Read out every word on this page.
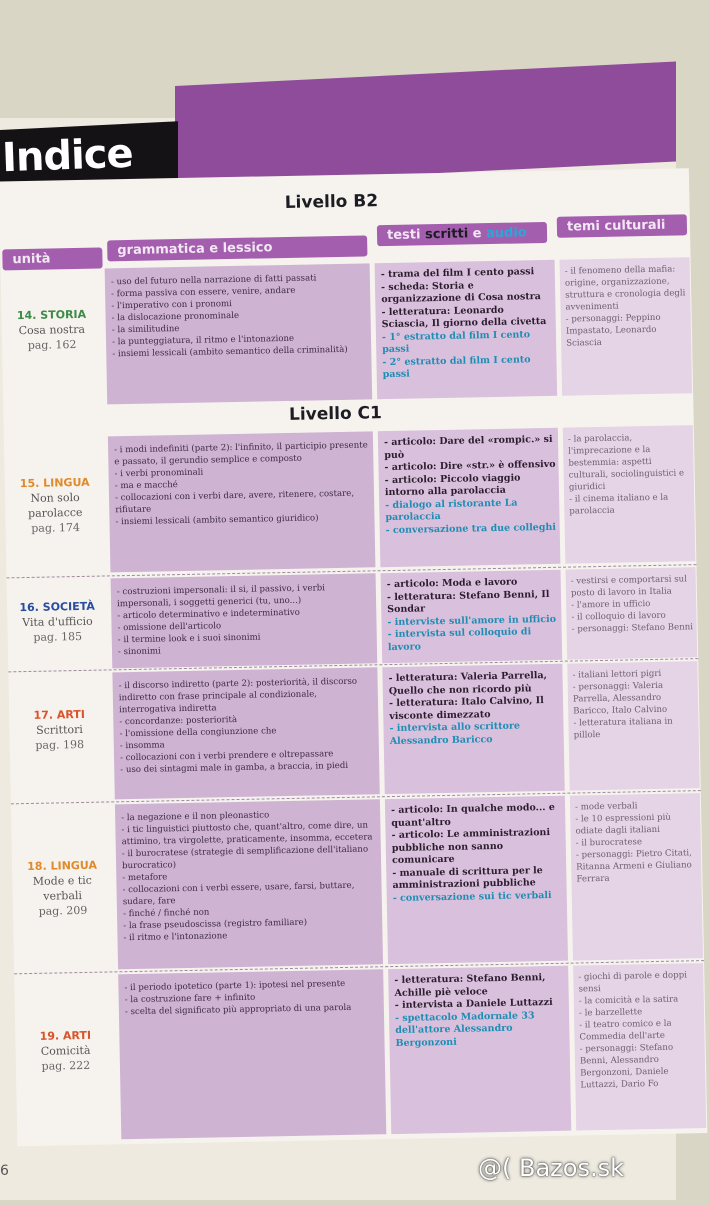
Indice
Livello B2
unità
grammatica e lessico
testi scritti e audio	temi culturali
Livello C1
14. STORIA
Cosa nostra
pag. 162
- uso del futuro nella narrazione di fatti passati
- forma passiva con essere, venire, andare
- l'imperativo con i pronomi
- la dislocazione pronominale
- la similitudine
- la punteggiatura, il ritmo e l'intonazione
- insiemi lessicali (ambito semantico della criminalità)
- trama del film I cento passi
- scheda: Storia e organizzazione di Cosa nostra
- letteratura: Leonardo Sciascia, Il giorno della civetta
- 1° estratto dal film I cento passi
- 2° estratto dal film I cento passi
- il fenomeno della mafia: origine, organizzazione, struttura e cronologia degli avvenimenti
- personaggi: Peppino Impastato, Leonardo Sciascia
15. LINGUA
Non solo parolacce
pag. 174
- i modi indefiniti (parte 2): l'infinito, il participio presente e passato, il gerundio semplice e composto
- i verbi pronominali
- ma e macché
- collocazioni con i verbi dare, avere, ritenere, costare, rifiutare
- insiemi lessicali (ambito semantico giuridico)
- articolo: Dare del «rompic.» si può
- articolo: Dire «str.» è offensivo
- articolo: Piccolo viaggio intorno alla parolaccia
- dialogo al ristorante La parolaccia
- conversazione tra due colleghi
- la parolaccia, l'imprecazione e la bestemmia: aspetti culturali, sociolinguistici e giuridici
- il cinema italiano e la parolaccia
16. SOCIETÀ
Vita d'ufficio
pag. 185
- costruzioni impersonali: il si, il passivo, i verbi impersonali, i soggetti generici (tu, uno...)
- articolo determinativo e indeterminativo
- omissione dell'articolo
- il termine look e i suoi sinonimi
- sinonimi
- articolo: Moda e lavoro
- letteratura: Stefano Benni, Il Sondar
- interviste sull'amore in ufficio
- intervista sul colloquio di lavoro
- vestirsi e comportarsi sul posto di lavoro in Italia
- l'amore in ufficio
- il colloquio di lavoro
- personaggi: Stefano Benni
17. ARTI
Scrittori
pag. 198
- il discorso indiretto (parte 2): posteriorità, il discorso indiretto con frase principale al condizionale, interrogativa indiretta
- concordanze: posteriorità
- l'omissione della congiunzione che
- insomma
- collocazioni con i verbi prendere e oltrepassare
- uso dei sintagmi male in gamba, a braccia, in piedi
- letteratura: Valeria Parrella, Quello che non ricordo più
- letteratura: Italo Calvino, Il visconte dimezzato
- intervista allo scrittore Alessandro Baricco
- italiani lettori pigri
- personaggi: Valeria Parrella, Alessandro Baricco, Italo Calvino
- letteratura italiana in pillole
18. LINGUA
Mode e tic verbali
pag. 209
- la negazione e il non pleonastico
- i tic linguistici piuttosto che, quant'altro, come dire, un attimino, tra virgolette, praticamente, insomma, eccetera
- il burocratese (strategie di semplificazione dell'italiano burocratico)
- metafore
- collocazioni con i verbi essere, usare, farsi, buttare, sudare, fare
- finché / finché non
- la frase pseudoscissa (registro familiare)
- il ritmo e l'intonazione
- articolo: In qualche modo... e quant'altro
- articolo: Le amministrazioni pubbliche non sanno comunicare
- manuale di scrittura per le amministrazioni pubbliche
- conversazione sui tic verbali
- mode verbali
- le 10 espressioni più odiate dagli italiani
- il burocratese
- personaggi: Pietro Citati, Ritanna Armeni e Giuliano Ferrara
19. ARTI
Comicità
pag. 222
- il periodo ipotetico (parte 1): ipotesi nel presente
- la costruzione fare + infinito
- scelta del significato più appropriato di una parola
- letteratura: Stefano Benni, Achille piè veloce
- intervista a Daniele Luttazzi
- spettacolo Madornale 33 dell'attore Alessandro Bergonzoni
- giochi di parole e doppi sensi
- la comicità e la satira
- le barzellette
- il teatro comico e la Commedia dell'arte
- personaggi: Stefano Benni, Alessandro Bergonzoni, Daniele Luttazzi, Dario Fo
6	@( Bazos.sk
